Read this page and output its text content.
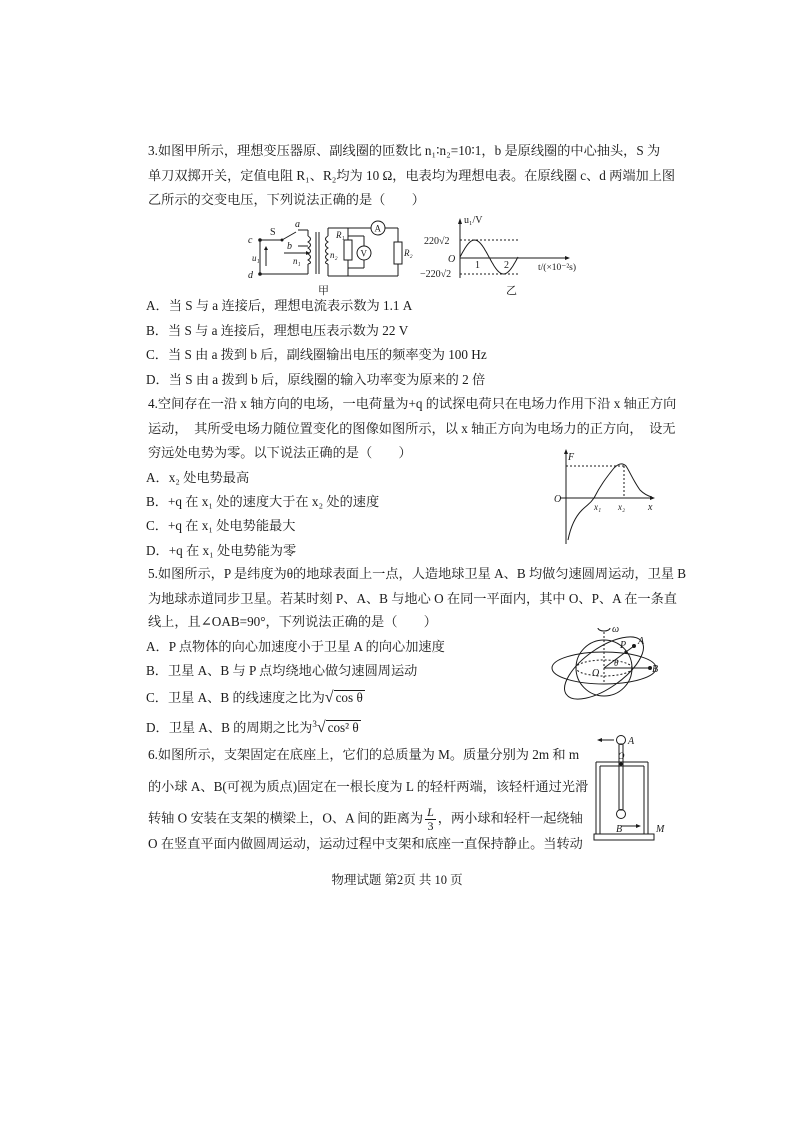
3.如图甲所示，理想变压器原、副线圈的匝数比 n₁∶n₂=10∶1，b 是原线圈的中心抽头，S 为
单刀双掷开关，定值电阻 R₁、R₂均为 10 Ω，电表均为理想电表。在原线圈 c、d 两端加上图
乙所示的交变电压，下列说法正确的是（　　）
c
S
a
b
n₁
n₂
R₁
R₂
u₁
d
A
V
甲
u₁/V
220√2
O
−220√2
1 2	t/(×10⁻²s)
乙
A．当 S 与 a 连接后，理想电流表示数为 1.1 A
B．当 S 与 a 连接后，理想电压表示数为 22 V
C．当 S 由 a 拨到 b 后，副线圈输出电压的频率变为 100 Hz
D．当 S 由 a 拨到 b 后，原线圈的输入功率变为原来的 2 倍
4.空间存在一沿 x 轴方向的电场，一电荷量为+q 的试探电荷只在电场力作用下沿 x 轴正方向
运动，　其所受电场力随位置变化的图像如图所示，以 x 轴正方向为电场力的正方向，　设无
穷远处电势为零。以下说法正确的是（　　）	F
O
x₁ x₂ x
A．x₂ 处电势最高
B．+q 在 x₁ 处的速度大于在 x₂ 处的速度
C．+q 在 x₁ 处电势能最大
D．+q 在 x₁ 处电势能为零
5.如图所示，P 是纬度为θ的地球表面上一点，人造地球卫星 A、B 均做匀速圆周运动，卫星 B
为地球赤道同步卫星。若某时刻 P、A、B 与地心 O 在同一平面内，其中 O、P、A 在一条直
线上，且∠OAB=90°，下列说法正确的是（　　）
ω
P A
θ
O	B
A．P 点物体的向心加速度小于卫星 A 的向心加速度
B．卫星 A、B 与 P 点均绕地心做匀速圆周运动
C．卫星 A、B 的线速度之比为√ cos θ
D．卫星 A、B 的周期之比为$^3$√ cos² θ
6.如图所示，支架固定在底座上，它们的总质量为 M。质量分别为 2m 和 m
的小球 A、B(可视为质点)固定在一根长度为 L 的轻杆两端，该轻杆通过光滑
转轴 O 安装在支架的横梁上，O、A 间的距离为 $\frac{L}{3}$ ，两小球和轻杆一起绕轴
O 在竖直平面内做圆周运动，运动过程中支架和底座一直保持静止。当转动
A
O
B	M
物理试题 第2页 共 10 页
